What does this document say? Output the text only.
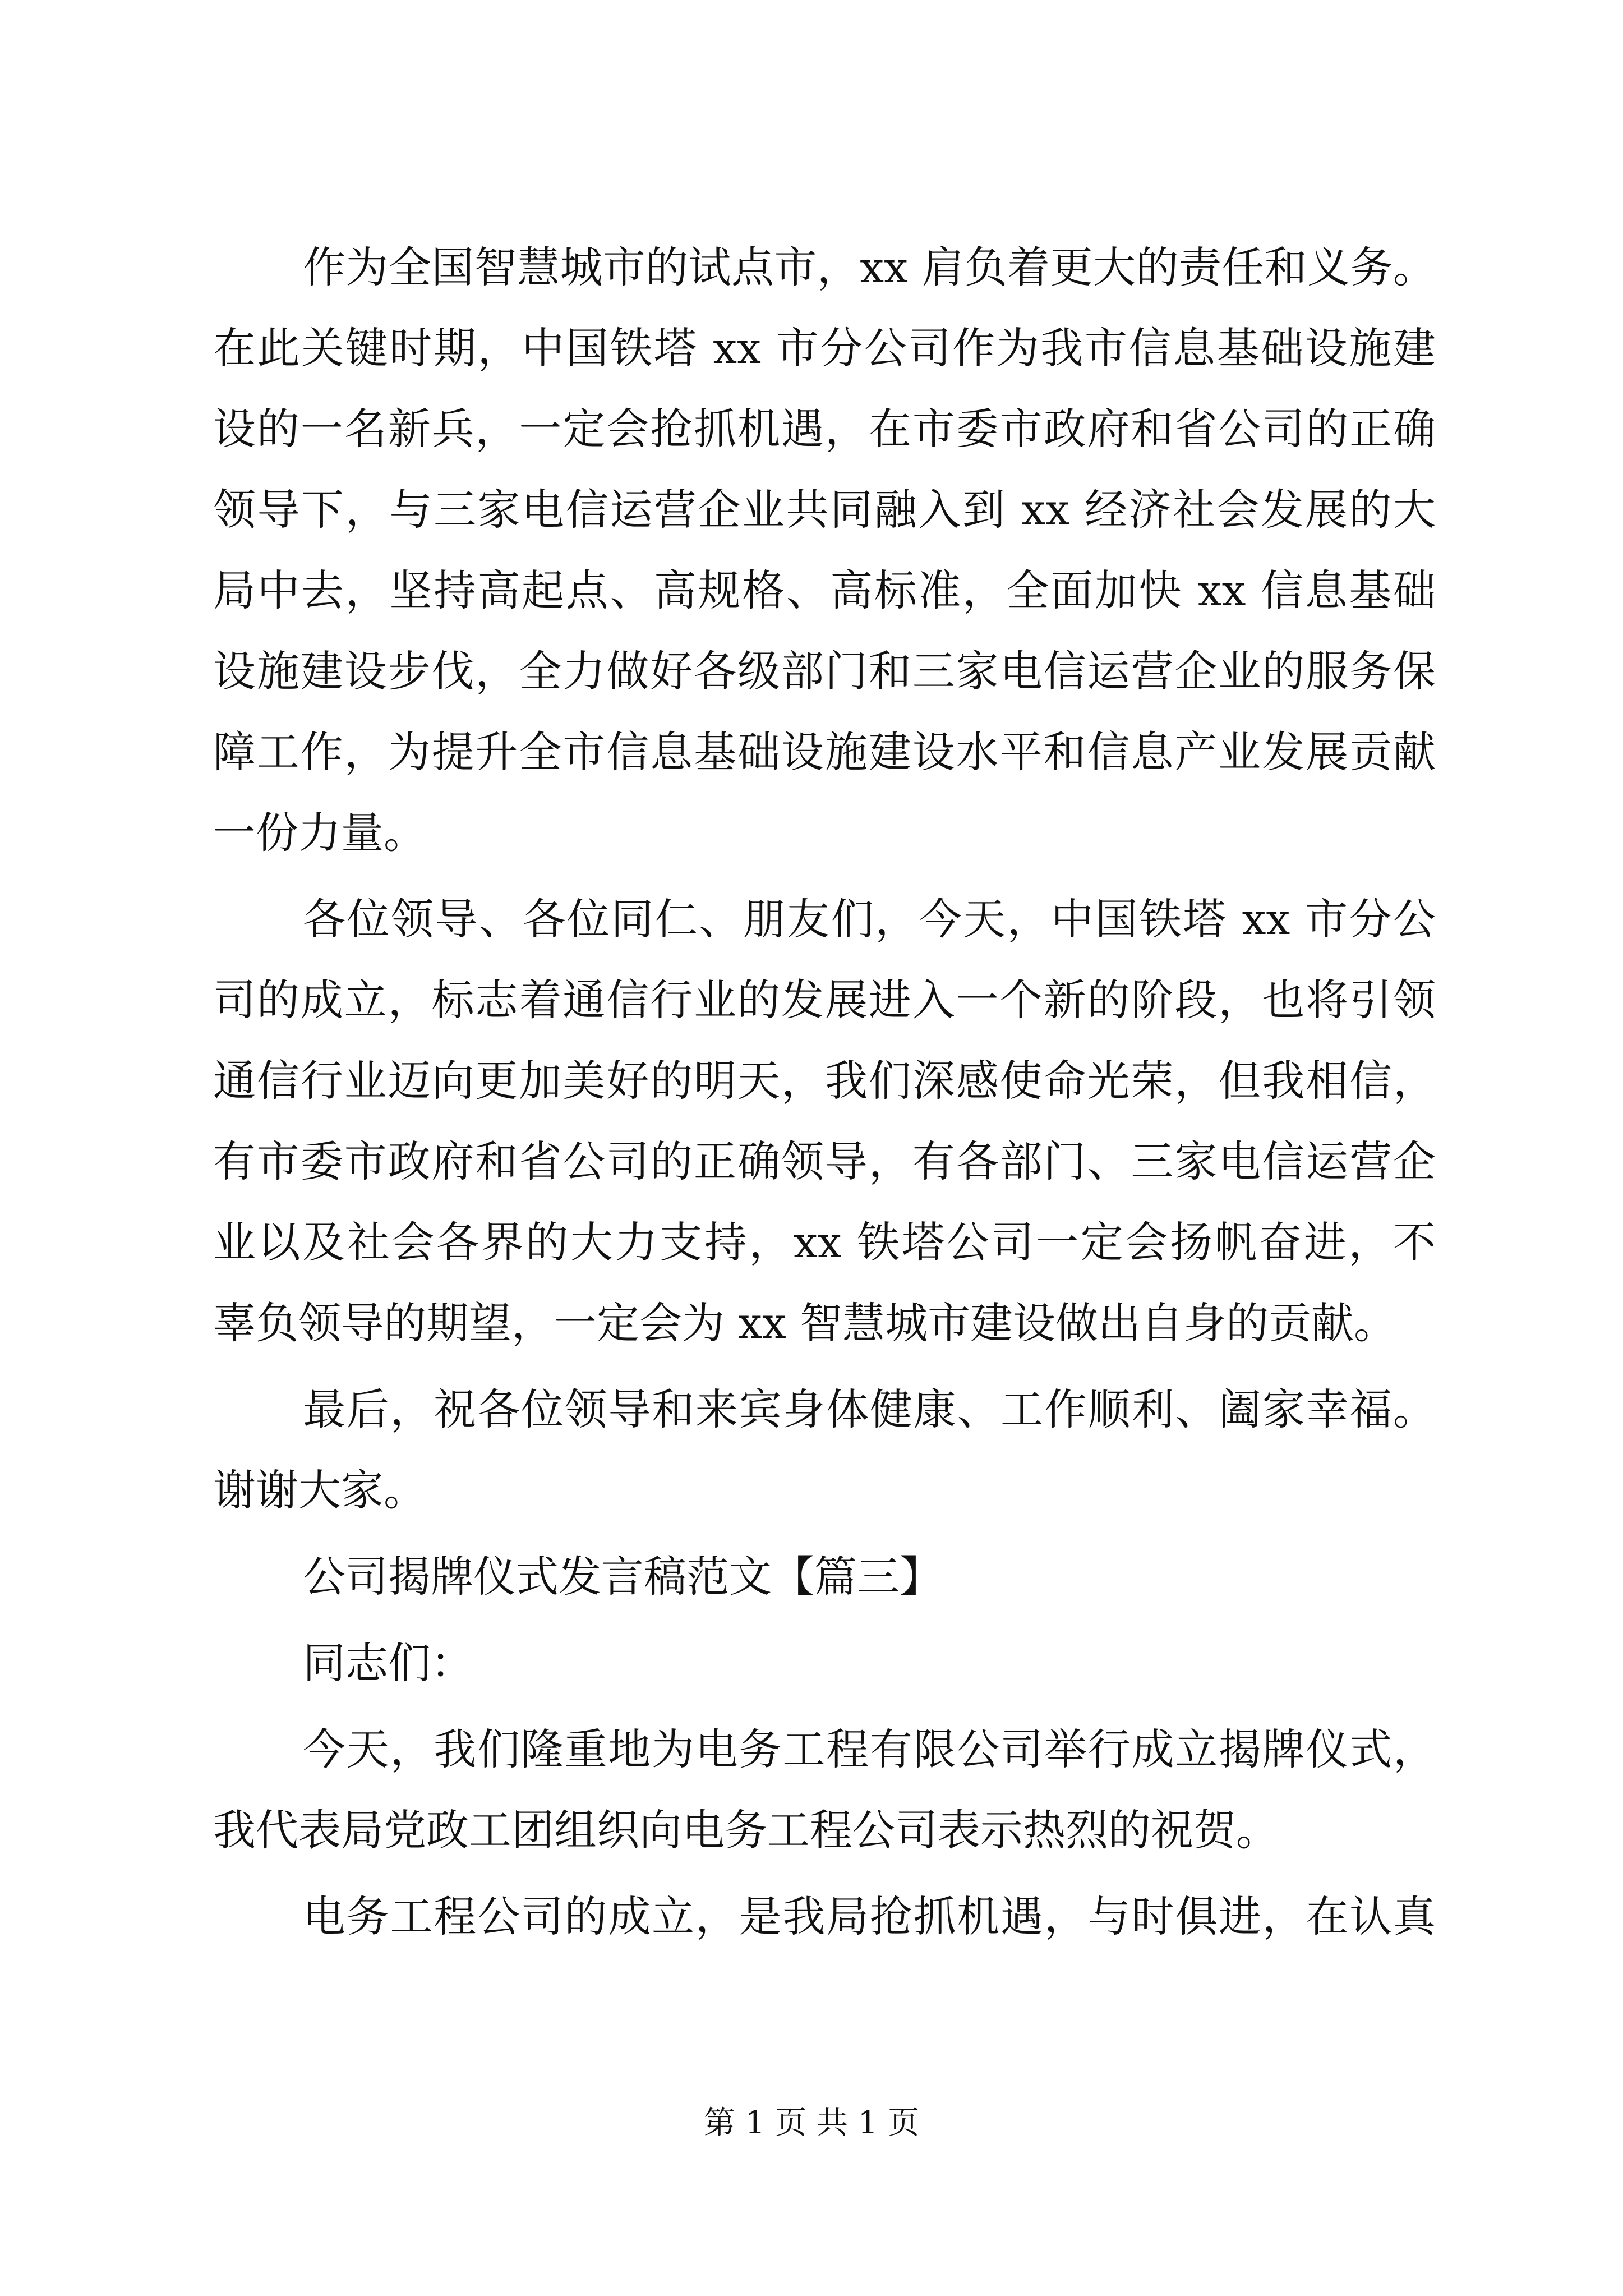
作为全国智慧城市的试点市，xx 肩负着更大的责任和义务。
在此关键时期，中国铁塔 xx 市分公司作为我市信息基础设施建
设的一名新兵，一定会抢抓机遇，在市委市政府和省公司的正确
领导下，与三家电信运营企业共同融入到 xx 经济社会发展的大
局中去，坚持高起点、高规格、高标准，全面加快 xx 信息基础
设施建设步伐，全力做好各级部门和三家电信运营企业的服务保
障工作，为提升全市信息基础设施建设水平和信息产业发展贡献
一份力量。
各位领导、各位同仁、朋友们，今天，中国铁塔 xx 市分公
司的成立，标志着通信行业的发展进入一个新的阶段，也将引领
通信行业迈向更加美好的明天，我们深感使命光荣，但我相信，
有市委市政府和省公司的正确领导，有各部门、三家电信运营企
业以及社会各界的大力支持，xx 铁塔公司一定会扬帆奋进，不
辜负领导的期望，一定会为 xx 智慧城市建设做出自身的贡献。
最后，祝各位领导和来宾身体健康、工作顺利、阖家幸福。
谢谢大家。
公司揭牌仪式发言稿范文【篇三】
同志们：
今天，我们隆重地为电务工程有限公司举行成立揭牌仪式，
我代表局党政工团组织向电务工程公司表示热烈的祝贺。
电务工程公司的成立，是我局抢抓机遇，与时俱进，在认真
第 1 页 共 1 页
